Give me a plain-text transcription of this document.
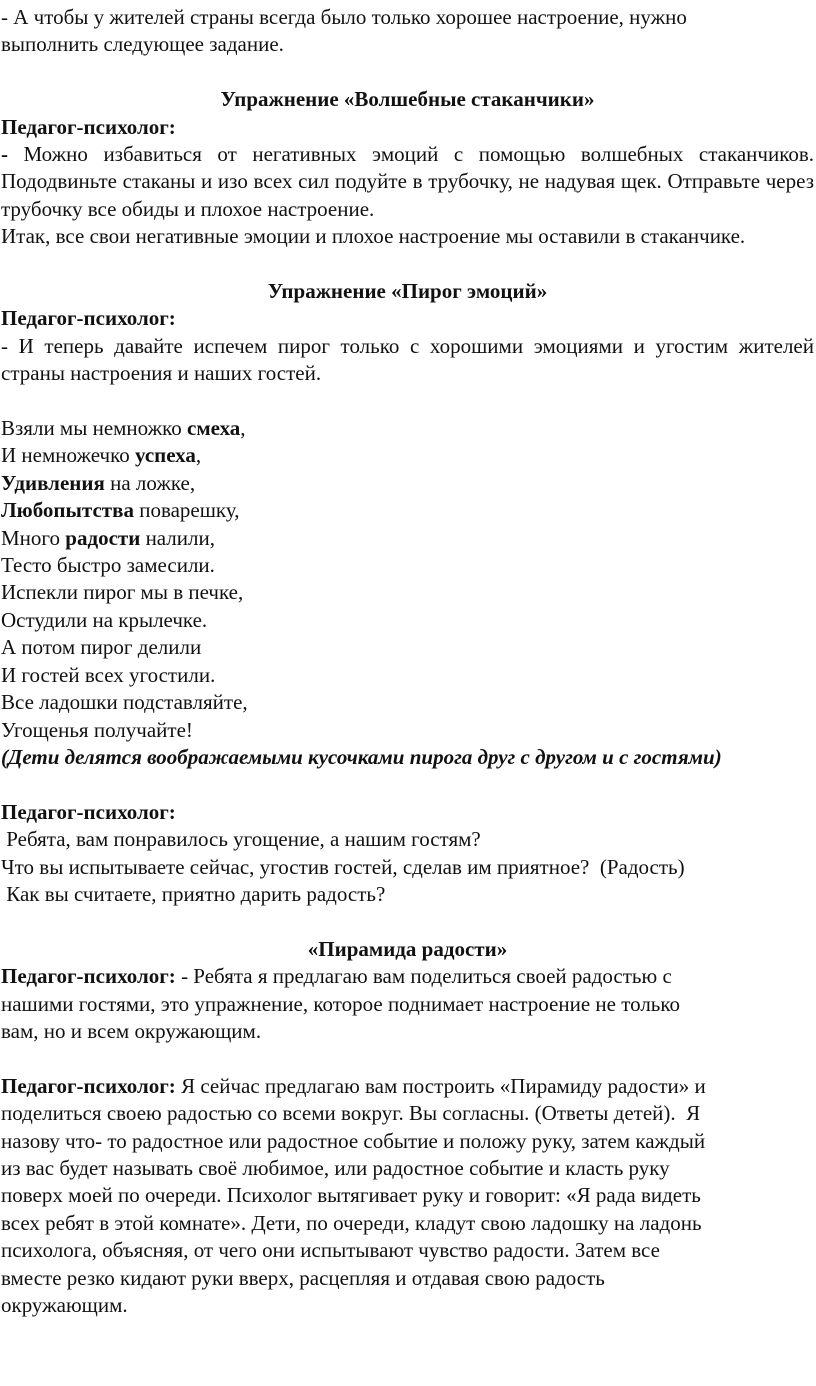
- А чтобы у жителей страны всегда было только хорошее настроение, нужно

выполнить следующее задание.

Упражнение «Волшебные стаканчики»

Педагог-психолог:

- Можно избавиться от негативных эмоций с помощью волшебных стаканчиков. Пододвиньте стаканы и изо всех сил подуйте в трубочку, не надувая щек. Отправьте через трубочку все обиды и плохое настроение.

Итак, все свои негативные эмоции и плохое настроение мы оставили в стаканчике.

Упражнение «Пирог эмоций»

Педагог-психолог:

- И теперь давайте испечем пирог только с хорошими эмоциями и угостим жителей страны настроения и наших гостей.

Взяли мы немножко смеха,

И немножечко успеха,

Удивления на ложке,

Любопытства поварешку,

Много радости налили,

Тесто быстро замесили.

Испекли пирог мы в печке,

Остудили на крылечке.

А потом пирог делили

И гостей всех угостили.

Все ладошки подставляйте,

Угощенья получайте!

(Дети делятся воображаемыми кусочками пирога друг с другом и с гостями)

Педагог-психолог:

Ребята, вам понравилось угощение, а нашим гостям?

Что вы испытываете сейчас, угостив гостей, сделав им приятное?  (Радость)

Как вы считаете, приятно дарить радость?

«Пирамида радости»

Педагог-психолог: - Ребята я предлагаю вам поделиться своей радостью с

нашими гостями, это упражнение, которое поднимает настроение не только

вам, но и всем окружающим.

Педагог-психолог: Я сейчас предлагаю вам построить «Пирамиду радости» и

поделиться своею радостью со всеми вокруг. Вы согласны. (Ответы детей).  Я

назову что- то радостное или радостное событие и положу руку, затем каждый

из вас будет называть своё любимое, или радостное событие и класть руку

поверх моей по очереди. Психолог вытягивает руку и говорит: «Я рада видеть

всех ребят в этой комнате». Дети, по очереди, кладут свою ладошку на ладонь

психолога, объясняя, от чего они испытывают чувство радости. Затем все

вместе резко кидают руки вверх, расцепляя и отдавая свою радость

окружающим.
